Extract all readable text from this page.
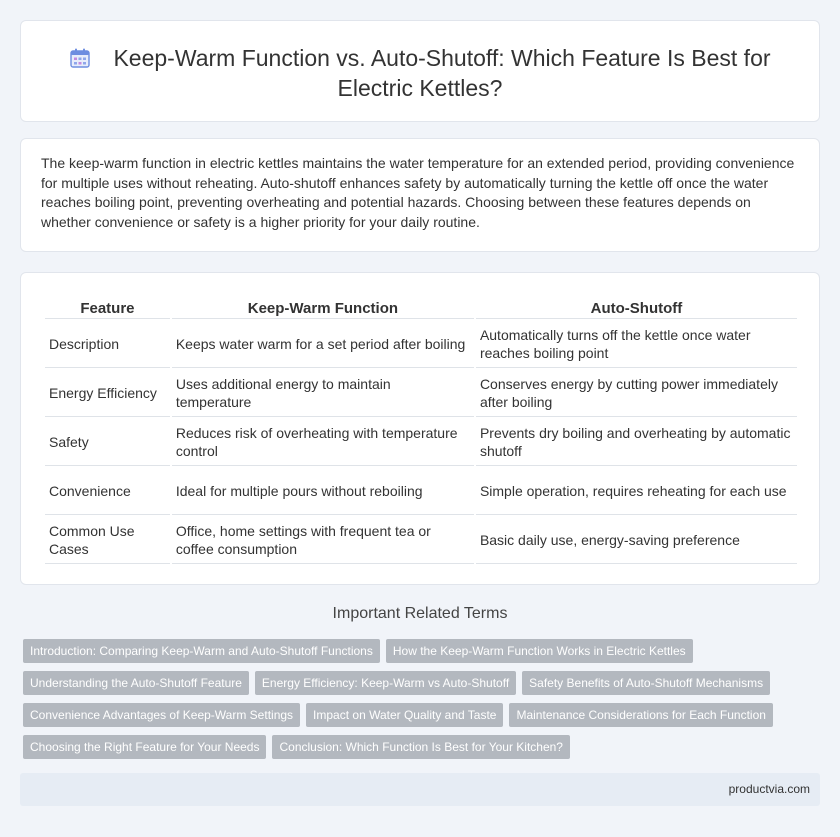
Keep-Warm Function vs. Auto-Shutoff: Which Feature Is Best for Electric Kettles?

The keep-warm function in electric kettles maintains the water temperature for an extended period, providing convenience for multiple uses without reheating. Auto-shutoff enhances safety by automatically turning the kettle off once the water reaches boiling point, preventing overheating and potential hazards. Choosing between these features depends on whether convenience or safety is a higher priority for your daily routine.

Feature	Keep-Warm Function	Auto-Shutoff
Description	Keeps water warm for a set period after boiling	Automatically turns off the kettle once water reaches boiling point
Energy Efficiency	Uses additional energy to maintain temperature	Conserves energy by cutting power immediately after boiling
Safety	Reduces risk of overheating with temperature control	Prevents dry boiling and overheating by automatic shutoff
Convenience	Ideal for multiple pours without reboiling	Simple operation, requires reheating for each use
Common Use Cases	Office, home settings with frequent tea or coffee consumption	Basic daily use, energy-saving preference
Important Related Terms
Introduction: Comparing Keep-Warm and Auto-Shutoff Functions How the Keep-Warm Function Works in Electric Kettles
Understanding the Auto-Shutoff Feature Energy Efficiency: Keep-Warm vs Auto-Shutoff Safety Benefits of Auto-Shutoff Mechanisms
Convenience Advantages of Keep-Warm Settings Impact on Water Quality and Taste Maintenance Considerations for Each Function
Choosing the Right Feature for Your Needs Conclusion: Which Function Is Best for Your Kitchen?
productvia.com
